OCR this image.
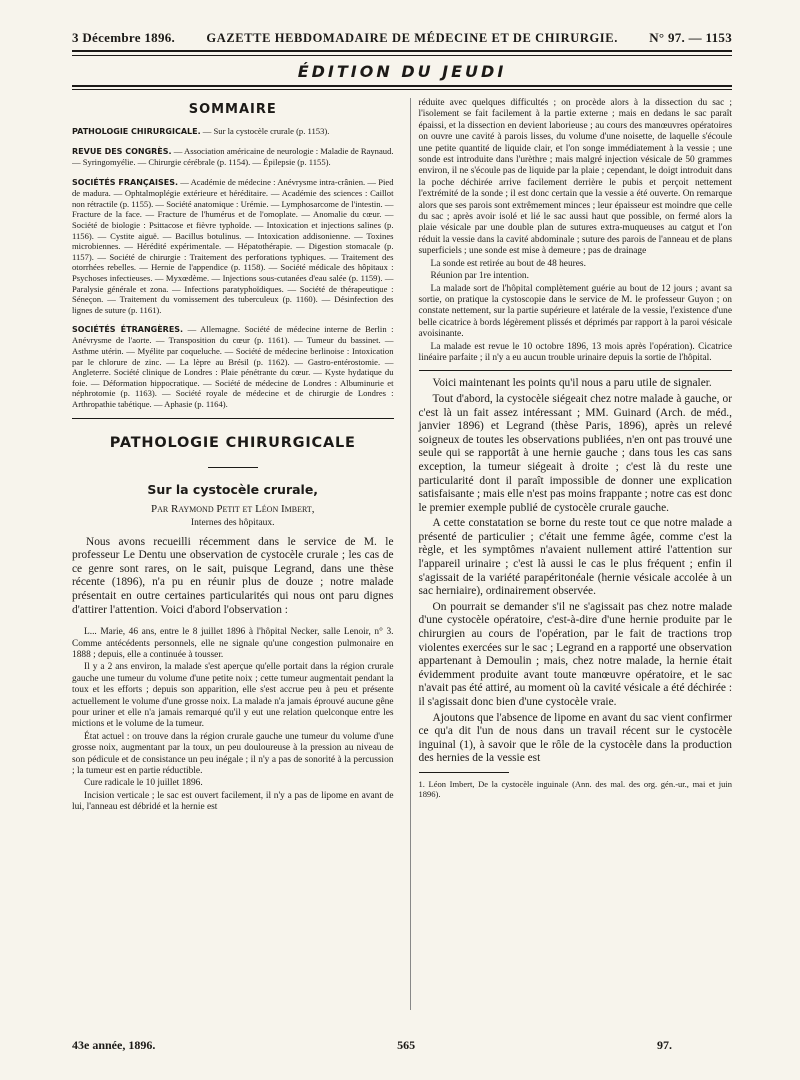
3 Décembre 1896.	GAZETTE HEBDOMADAIRE DE MÉDECINE ET DE CHIRURGIE. N° 97. — 1153
ÉDITION DU JEUDI
SOMMAIRE

PATHOLOGIE CHIRURGICALE. — Sur la cystocèle crurale (p. 1153).

REVUE DES CONGRÈS. — Association américaine de neurologie : Maladie de Raynaud. — Syringomyélie. — Chirurgie cérébrale (p. 1154). — Épilepsie (p. 1155).

SOCIÉTÉS FRANÇAISES. — Académie de médecine : Anévrysme intra-crânien. — Pied de madura. — Ophtalmoplégie extérieure et héréditaire. — Académie des sciences : Caillot non rétractile (p. 1155). — Société anatomique : Urémie. — Lymphosarcome de l'intestin. — Fracture de la face. — Fracture de l'humérus et de l'omoplate. — Anomalie du cœur. — Société de biologie : Psittacose et fièvre typhoïde. — Intoxication et injections salines (p. 1156). — Cystite aiguë. — Bacillus botulinus. — Intoxication addisonienne. — Toxines microbiennes. — Hérédité expérimentale. — Hépatothérapie. — Digestion stomacale (p. 1157). — Société de chirurgie : Traitement des perforations typhiques. — Traitement des otorrhées rebelles. — Hernie de l'appendice (p. 1158). — Société médicale des hôpitaux : Psychoses infectieuses. — Myxœdème. — Injections sous-cutanées d'eau salée (p. 1159). — Paralysie générale et zona. — Infections paratyphoïdiques. — Société de thérapeutique : Séneçon. — Traitement du vomissement des tuberculeux (p. 1160). — Désinfection des lignes de suture (p. 1161).

SOCIÉTÉS ÉTRANGÈRES. — Allemagne. Société de médecine interne de Berlin : Anévrysme de l'aorte. — Transposition du cœur (p. 1161). — Tumeur du bassinet. — Asthme utérin. — Myélite par coqueluche. — Société de médecine berlinoise : Intoxication par le chlorure de zinc. — La lèpre au Brésil (p. 1162). — Gastro-entérostomie. — Angleterre. Société clinique de Londres : Plaie pénétrante du cœur. — Kyste hydatique du foie. — Déformation hippocratique. — Société de médecine de Londres : Albuminurie et néphrotomie (p. 1163). — Société royale de médecine et de chirurgie de Londres : Arthropathie tabétique. — Aphasie (p. 1164).

PATHOLOGIE CHIRURGICALE
Sur la cystocèle crurale,
Par Raymond Petit et Léon Imbert,
Internes des hôpitaux.

Nous avons recueilli récemment dans le service de M. le professeur Le Dentu une observation de cystocèle crurale ; les cas de ce genre sont rares, on le sait, puisque Legrand, dans une thèse récente (1896), n'a pu en réunir plus de douze ; notre malade présentait en outre certaines particularités qui nous ont paru dignes d'attirer l'attention. Voici d'abord l'observation :

L... Marie, 46 ans, entre le 8 juillet 1896 à l'hôpital Necker, salle Lenoir, n° 3. Comme antécédents personnels, elle ne signale qu'une congestion pulmonaire en 1888 ; depuis, elle a continuée à tousser.

Il y a 2 ans environ, la malade s'est aperçue qu'elle portait dans la région crurale gauche une tumeur du volume d'une petite noix ; cette tumeur augmentait pendant la toux et les efforts ; depuis son apparition, elle s'est accrue peu à peu et présente actuellement le volume d'une grosse noix. La malade n'a jamais éprouvé aucune gêne pour uriner et elle n'a jamais remarqué qu'il y eut une relation quelconque entre les mictions et le volume de la tumeur.

État actuel : on trouve dans la région crurale gauche une tumeur du volume d'une grosse noix, augmentant par la toux, un peu douloureuse à la pression au niveau de son pédicule et de consistance un peu inégale ; il n'y a pas de sonorité à la percussion ; la tumeur est en partie réductible.

Cure radicale le 10 juillet 1896.

Incision verticale ; le sac est ouvert facilement, il n'y a pas de lipome en avant de lui, l'anneau est débridé et la hernie est

réduite avec quelques difficultés ; on procède alors à la dissection du sac ; l'isolement se fait facilement à la partie externe ; mais en dedans le sac paraît épaissi, et la dissection en devient laborieuse ; au cours des manœuvres opératoires on ouvre une cavité à parois lisses, du volume d'une noisette, de laquelle s'écoule une petite quantité de liquide clair, et l'on songe immédiatement à la vessie ; une sonde est introduite dans l'urèthre ; mais malgré injection vésicale de 50 grammes environ, il ne s'écoule pas de liquide par la plaie ; cependant, le doigt introduit dans la poche déchirée arrive facilement derrière le pubis et perçoit nettement l'extrémité de la sonde ; il est donc certain que la vessie a été ouverte. On remarque alors que ses parois sont extrêmement minces ; leur épaisseur est moindre que celle du sac ; après avoir isolé et lié le sac aussi haut que possible, on fermé alors la plaie vésicale par une double plan de sutures extra-muqueuses au catgut et l'on réduit la vessie dans la cavité abdominale ; suture des parois de l'anneau et de plans superficiels ; une sonde est mise à demeure ; pas de drainage

La sonde est retirée au bout de 48 heures.

Réunion par 1re intention.

La malade sort de l'hôpital complètement guérie au bout de 12 jours ; avant sa sortie, on pratique la cystoscopie dans le service de M. le professeur Guyon ; on constate nettement, sur la partie supérieure et latérale de la vessie, l'existence d'une belle cicatrice à bords légèrement plissés et déprimés par rapport à la paroi vésicale avoisinante.

La malade est revue le 10 octobre 1896, 13 mois après l'opération). Cicatrice linéaire parfaite ; il n'y a eu aucun trouble urinaire depuis la sortie de l'hôpital.

Voici maintenant les points qu'il nous a paru utile de signaler.

Tout d'abord, la cystocèle siégeait chez notre malade à gauche, or c'est là un fait assez intéressant ; MM. Guinard (Arch. de méd., janvier 1896) et Legrand (thèse Paris, 1896), après un relevé soigneux de toutes les observations publiées, n'en ont pas trouvé une seule qui se rapportât à une hernie gauche ; dans tous les cas sans exception, la tumeur siégeait à droite ; c'est là du reste une particularité dont il paraît impossible de donner une explication satisfaisante ; mais elle n'est pas moins frappante ; notre cas est donc le premier exemple publié de cystocèle crurale gauche.

A cette constatation se borne du reste tout ce que notre malade a présenté de particulier ; c'était une femme âgée, comme c'est la règle, et les symptômes n'avaient nullement attiré l'attention sur l'appareil urinaire ; c'est là aussi le cas le plus fréquent ; enfin il s'agissait de la variété parapéritonéale (hernie vésicale accolée à un sac herniaire), ordinairement observée.

On pourrait se demander s'il ne s'agissait pas chez notre malade d'une cystocèle opératoire, c'est-à-dire d'une hernie produite par le chirurgien au cours de l'opération, par le fait de tractions trop violentes exercées sur le sac ; Legrand en a rapporté une observation appartenant à Demoulin ; mais, chez notre malade, la hernie était évidemment produite avant toute manœuvre opératoire, et le sac n'avait pas été attiré, au moment où la cavité vésicale a été déchirée : il s'agissait donc bien d'une cystocèle vraie.

Ajoutons que l'absence de lipome en avant du sac vient confirmer ce qu'a dit l'un de nous dans un travail récent sur le cystocèle inguinal (1), à savoir que le rôle de la cystocèle dans la production des hernies de la vessie est

1. Léon Imbert, De la cystocèle inguinale (Ann. des mal. des org. gén.-ur., mai et juin 1896).

43e année, 1896.	565	97.
